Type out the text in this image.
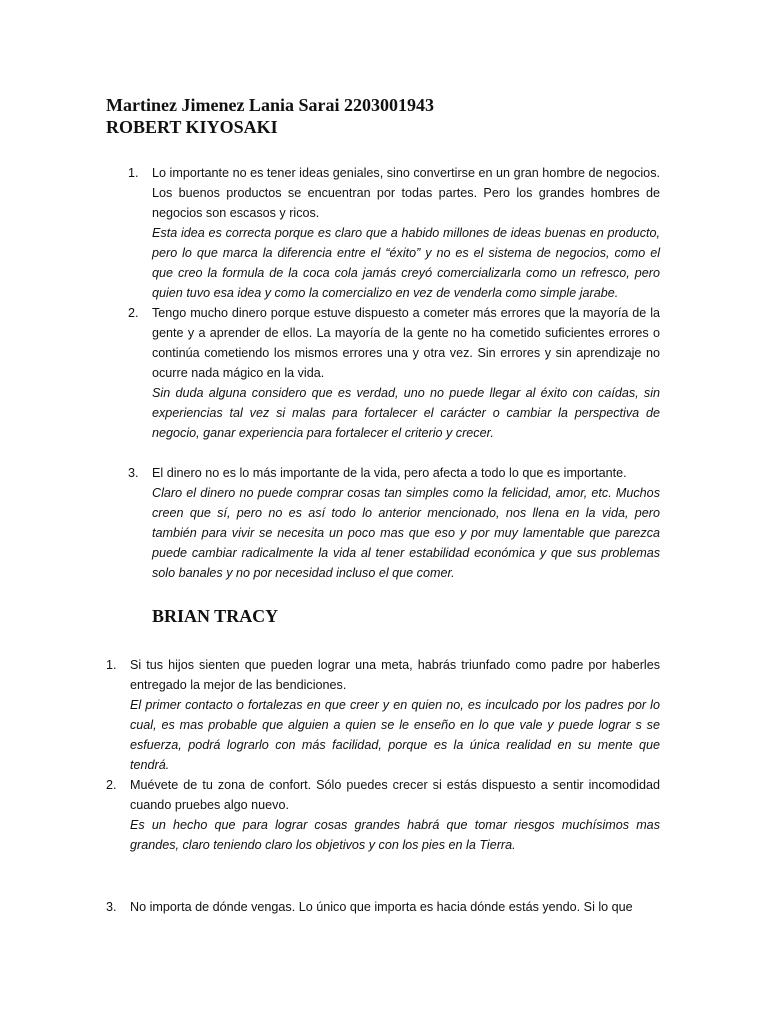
Martinez Jimenez Lania Sarai 2203001943
ROBERT KIYOSAKI
1. Lo importante no es tener ideas geniales, sino convertirse en un gran hombre de negocios. Los buenos productos se encuentran por todas partes. Pero los grandes hombres de negocios son escasos y ricos.

Esta idea es correcta porque es claro que a habido millones de ideas buenas en producto, pero lo que marca la diferencia entre el “éxito” y no es el sistema de negocios, como el que creo la formula de la coca cola jamás creyó comercializarla como un refresco, pero quien tuvo esa idea y como la comercializo en vez de venderla como simple jarabe.
2. Tengo mucho dinero porque estuve dispuesto a cometer más errores que la mayoría de la gente y a aprender de ellos. La mayoría de la gente no ha cometido suficientes errores o continúa cometiendo los mismos errores una y otra vez. Sin errores y sin aprendizaje no ocurre nada mágico en la vida.

Sin duda alguna considero que es verdad, uno no puede llegar al éxito con caídas, sin experiencias tal vez si malas para fortalecer el carácter o cambiar la perspectiva de negocio, ganar experiencia para fortalecer el criterio y crecer.
3. El dinero no es lo más importante de la vida, pero afecta a todo lo que es importante.

Claro el dinero no puede comprar cosas tan simples como la felicidad, amor, etc. Muchos creen que sí, pero no es así todo lo anterior mencionado, nos llena en la vida, pero también para vivir se necesita un poco mas que eso y por muy lamentable que parezca puede cambiar radicalmente la vida al tener estabilidad económica y que sus problemas solo banales y no por necesidad incluso el que comer.
BRIAN TRACY
1. Si tus hijos sienten que pueden lograr una meta, habrás triunfado como padre por haberles entregado la mejor de las bendiciones.

El primer contacto o fortalezas en que creer y en quien no, es inculcado por los padres por lo cual, es mas probable que alguien a quien se le enseño en lo que vale y puede lograr s se esfuerza, podrá lograrlo con más facilidad, porque es la única realidad en su mente que tendrá.
2. Muévete de tu zona de confort. Sólo puedes crecer si estás dispuesto a sentir incomodidad cuando pruebes algo nuevo.

Es un hecho que para lograr cosas grandes habrá que tomar riesgos muchísimos mas grandes, claro teniendo claro los objetivos y con los pies en la Tierra.
3. No importa de dónde vengas. Lo único que importa es hacia dónde estás yendo. Si lo que
